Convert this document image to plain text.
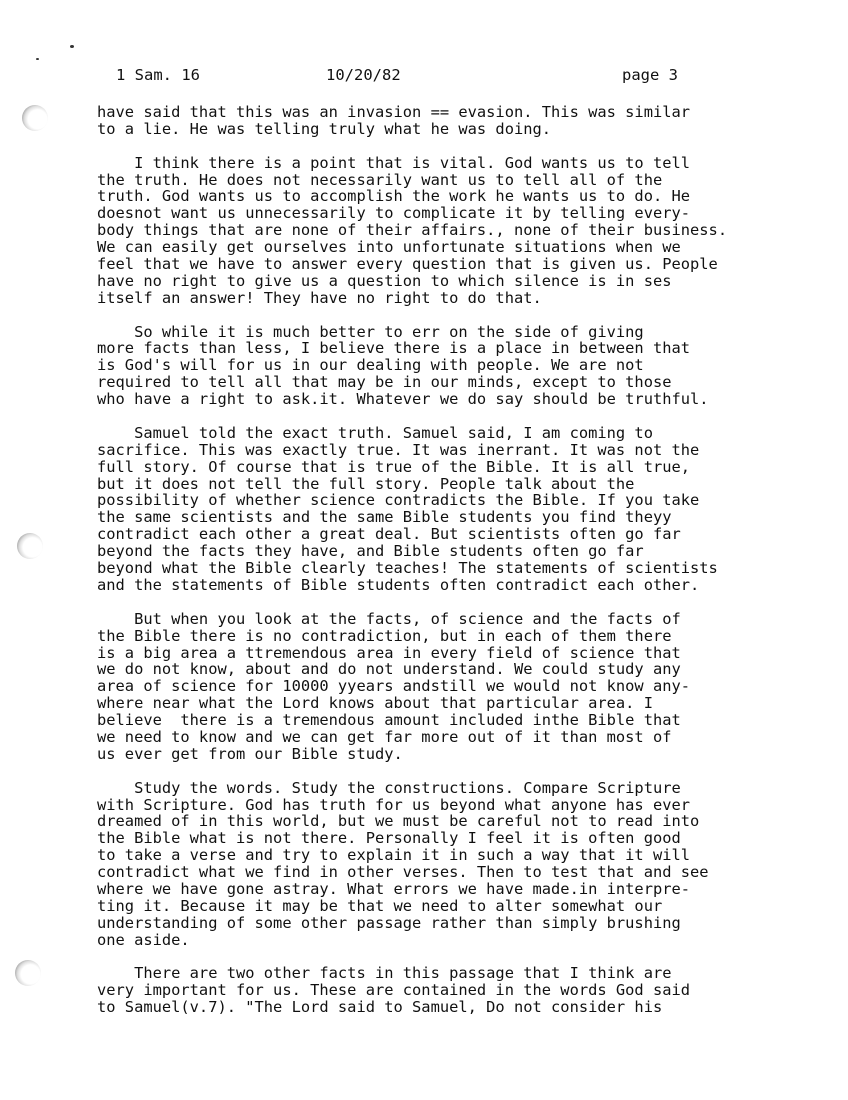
1 Sam. 16	10/20/82	page 3
have said that this was an invasion == evasion. This was similar
to a lie. He was telling truly what he was doing.
I think there is a point that is vital. God wants us to tell
the truth. He does not necessarily want us to tell all of the
truth. God wants us to accomplish the work he wants us to do. He
doesnot want us unnecessarily to complicate it by telling every-
body things that are none of their affairs., none of their business.
We can easily get ourselves into unfortunate situations when we
feel that we have to answer every question that is given us. People
have no right to give us a question to which silence is in ses
itself an answer! They have no right to do that.
So while it is much better to err on the side of giving
more facts than less, I believe there is a place in between that
is God's will for us in our dealing with people. We are not
required to tell all that may be in our minds, except to those
who have a right to ask.it. Whatever we do say should be truthful.
Samuel told the exact truth. Samuel said, I am coming to
sacrifice. This was exactly true. It was inerrant. It was not the
full story. Of course that is true of the Bible. It is all true,
but it does not tell the full story. People talk about the
possibility of whether science contradicts the Bible. If you take
the same scientists and the same Bible students you find theyy
contradict each other a great deal. But scientists often go far
beyond the facts they have, and Bible students often go far
beyond what the Bible clearly teaches! The statements of scientists
and the statements of Bible students often contradict each other.
But when you look at the facts, of science and the facts of
the Bible there is no contradiction, but in each of them there
is a big area a ttremendous area in every field of science that
we do not know, about and do not understand. We could study any
area of science for 10000 yyears andstill we would not know any-
where near what the Lord knows about that particular area. I
believe  there is a tremendous amount included inthe Bible that
we need to know and we can get far more out of it than most of
us ever get from our Bible study.
Study the words. Study the constructions. Compare Scripture
with Scripture. God has truth for us beyond what anyone has ever
dreamed of in this world, but we must be careful not to read into
the Bible what is not there. Personally I feel it is often good
to take a verse and try to explain it in such a way that it will
contradict what we find in other verses. Then to test that and see
where we have gone astray. What errors we have made.in interpre-
ting it. Because it may be that we need to alter somewhat our
understanding of some other passage rather than simply brushing
one aside.
There are two other facts in this passage that I think are
very important for us. These are contained in the words God said
to Samuel(v.7). "The Lord said to Samuel, Do not consider his
